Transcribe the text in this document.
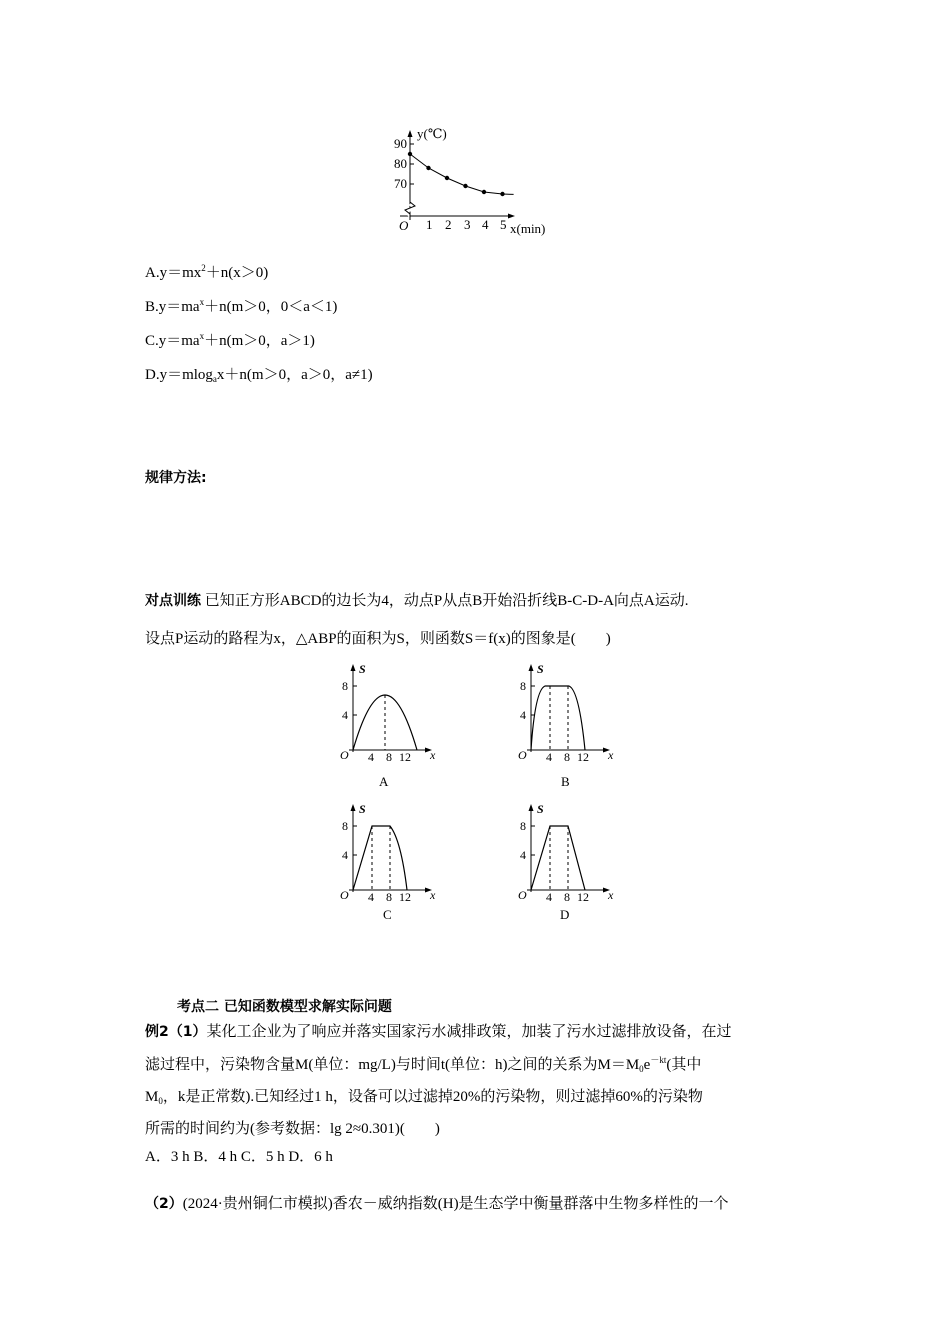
90
80
70
y(℃)
O 1 2 3 4 5 x(min)
$A.y=mx^2+n(x>0)$
$B.y=ma^x+n(m>0$，0＜a＜1)
$C.y=ma^x+n(m>0$，a＞1)
D.y＝mlog$_a$x＋n(m＞0，a＞0，a≠1)
规律方法:
对点训练 已知正方形ABCD的边长为4，动点P从点B开始沿折线B-C-D-A向点A运动.
设点P运动的路程为x，△ABP的面积为S，则函数S＝f(x)的图象是(　　)
S
8
4
O 4 8 12 x
A
S
8
4
O 4 8 12 x
B
S
8
4
O 4 8 12 x
C
S
8
4
O 4 8 12 x
D
考点二 已知函数模型求解实际问题
例2（1）某化工企业为了响应并落实国家污水减排政策，加装了污水过滤排放设备，在过
滤过程中，污染物含量M(单位：mg/L)与时间t(单位：h)之间的关系为$M=M_0e^{-kt}$(其中
$M_0$，k是正常数).已知经过1 h，设备可以过滤掉20%的污染物，则过滤掉60%的污染物
所需的时间约为(参考数据：lg 2≈0.301)(　　)
A．3 h B．4 h C．5 h D．6 h
（2）(2024·贵州铜仁市模拟)香农－威纳指数(H)是生态学中衡量群落中生物多样性的一个
